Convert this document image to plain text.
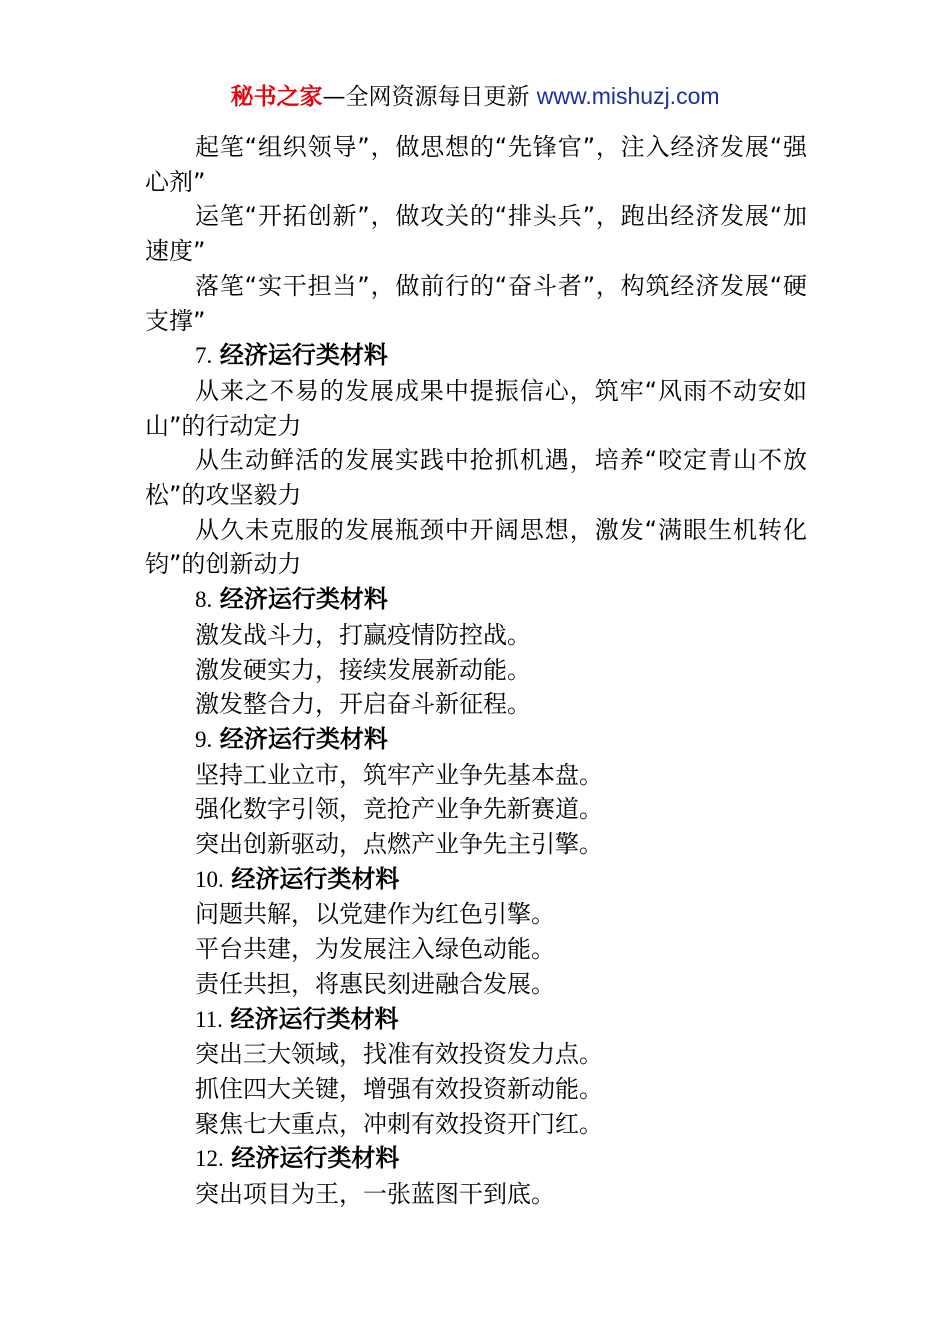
秘书之家—全网资源每日更新 www.mishuzj.com

起笔“组织领导”，做思想的“先锋官”，注入经济发展“强心剂”

运笔“开拓创新”，做攻关的“排头兵”，跑出经济发展“加速度”

落笔“实干担当”，做前行的“奋斗者”，构筑经济发展“硬支撑”

7. 经济运行类材料

从来之不易的发展成果中提振信心，筑牢“风雨不动安如山”的行动定力

从生动鲜活的发展实践中抢抓机遇，培养“咬定青山不放松”的攻坚毅力

从久未克服的发展瓶颈中开阔思想，激发“满眼生机转化钧”的创新动力

8. 经济运行类材料

激发战斗力，打赢疫情防控战。

激发硬实力，接续发展新动能。

激发整合力，开启奋斗新征程。

9. 经济运行类材料

坚持工业立市，筑牢产业争先基本盘。

强化数字引领，竞抢产业争先新赛道。

突出创新驱动，点燃产业争先主引擎。

10. 经济运行类材料

问题共解，以党建作为红色引擎。

平台共建，为发展注入绿色动能。

责任共担，将惠民刻进融合发展。

11. 经济运行类材料

突出三大领域，找准有效投资发力点。

抓住四大关键，增强有效投资新动能。

聚焦七大重点，冲刺有效投资开门红。

12. 经济运行类材料

突出项目为王，一张蓝图干到底。
